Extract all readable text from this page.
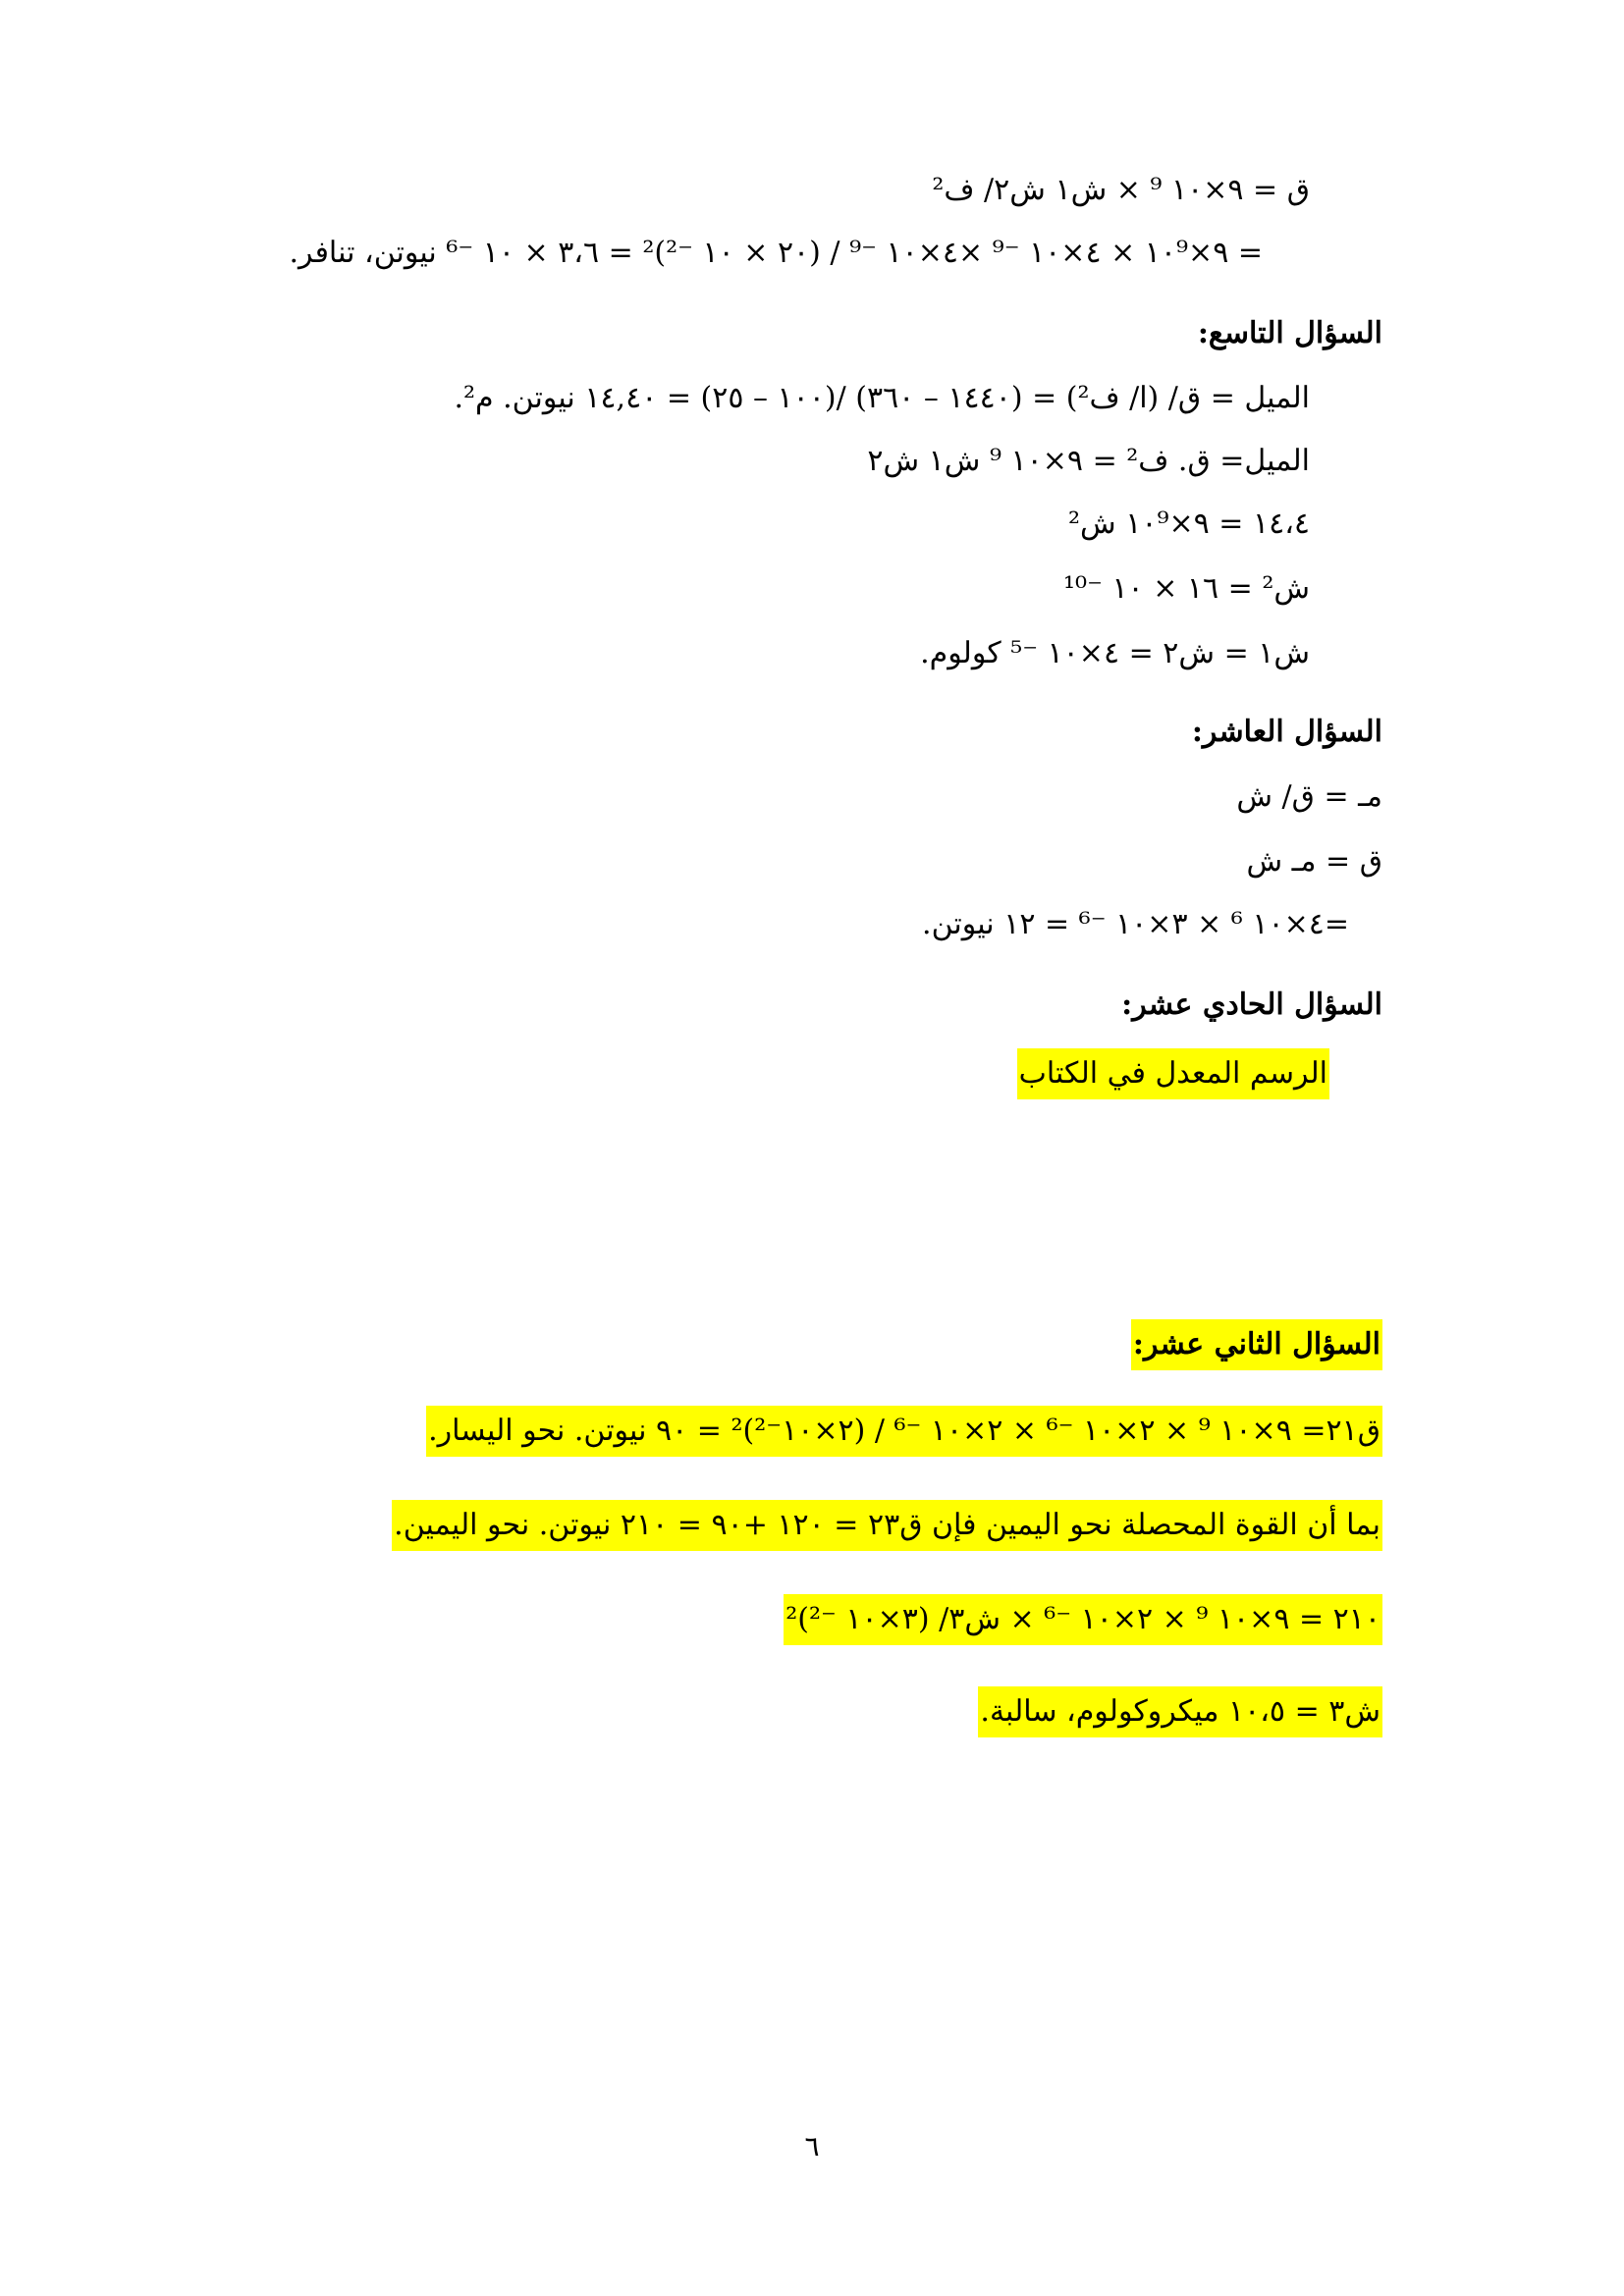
ق = ٩×١٠ ⁹ × ش١ ش٢/ ف²
= ٩×١٠⁹ × ٤×١٠ ⁻⁹ ×٤×١٠ ⁻⁹ / (٢٠ × ١٠ ⁻²)² = ٣،٦ × ١٠ ⁻⁶ نيوتن، تنافر.
السؤال التاسع:
الميل = ق/ (ا/ ف²) = (١٤٤٠ – ٣٦٠) /(١٠٠ – ٢٥) = ١٤,٤٠ نيوتن. م².
الميل= ق. ف² = ٩×١٠ ⁹ ش١ ش٢
١٤،٤ = ٩×١٠⁹ ش²
ش² = ١٦ × ١٠ ⁻¹⁰
ش١ = ش٢ = ٤×١٠ ⁻⁵ كولوم.
السؤال العاشر:
مـ = ق/ ش
ق = مـ ش
=٤×١٠ ⁶ × ٣×١٠ ⁻⁶ = ١٢ نيوتن.
السؤال الحادي عشر:
الرسم المعدل في الكتاب
السؤال الثاني عشر:
ق٢١= ٩×١٠ ⁹ × ٢×١٠ ⁻⁶ × ٢×١٠ ⁻⁶ / (٢×١٠⁻²)² = ٩٠ نيوتن. نحو اليسار.
بما أن القوة المحصلة نحو اليمين فإن ق٢٣ = ١٢٠ +٩٠ = ٢١٠ نيوتن. نحو اليمين.
٢١٠ = ٩×١٠ ⁹ × ٢×١٠ ⁻⁶ × ش٣/ (٣×١٠ ⁻²)²
ش٣ = ١٠،٥ ميكروكولوم، سالبة.
٦
